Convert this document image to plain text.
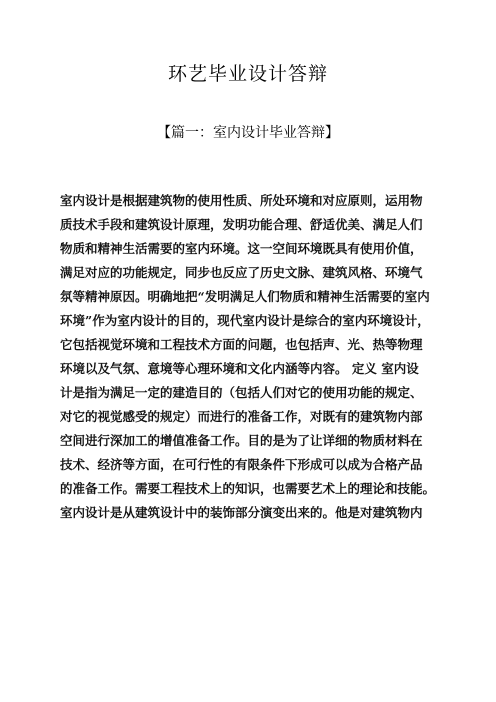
环艺毕业设计答辩
【篇一：室内设计毕业答辩】
室内设计是根据建筑物的使用性质、所处环境和对应原则，运用物
质技术手段和建筑设计原理，发明功能合理、舒适优美、满足人们
物质和精神生活需要的室内环境。这一空间环境既具有使用价值，
满足对应的功能规定，同步也反应了历史文脉、建筑风格、环境气
氛等精神原因。明确地把“发明满足人们物质和精神生活需要的室内
环境”作为室内设计的目的，现代室内设计是综合的室内环境设计，
它包括视觉环境和工程技术方面的问题，也包括声、光、热等物理
环境以及气氛、意境等心理环境和文化内涵等内容。 定义 室内设
计是指为满足一定的建造目的（包括人们对它的使用功能的规定、
对它的视觉感受的规定）而进行的准备工作，对既有的建筑物内部
空间进行深加工的增值准备工作。目的是为了让详细的物质材料在
技术、经济等方面，在可行性的有限条件下形成可以成为合格产品
的准备工作。需要工程技术上的知识，也需要艺术上的理论和技能。
室内设计是从建筑设计中的装饰部分演变出来的。他是对建筑物内
